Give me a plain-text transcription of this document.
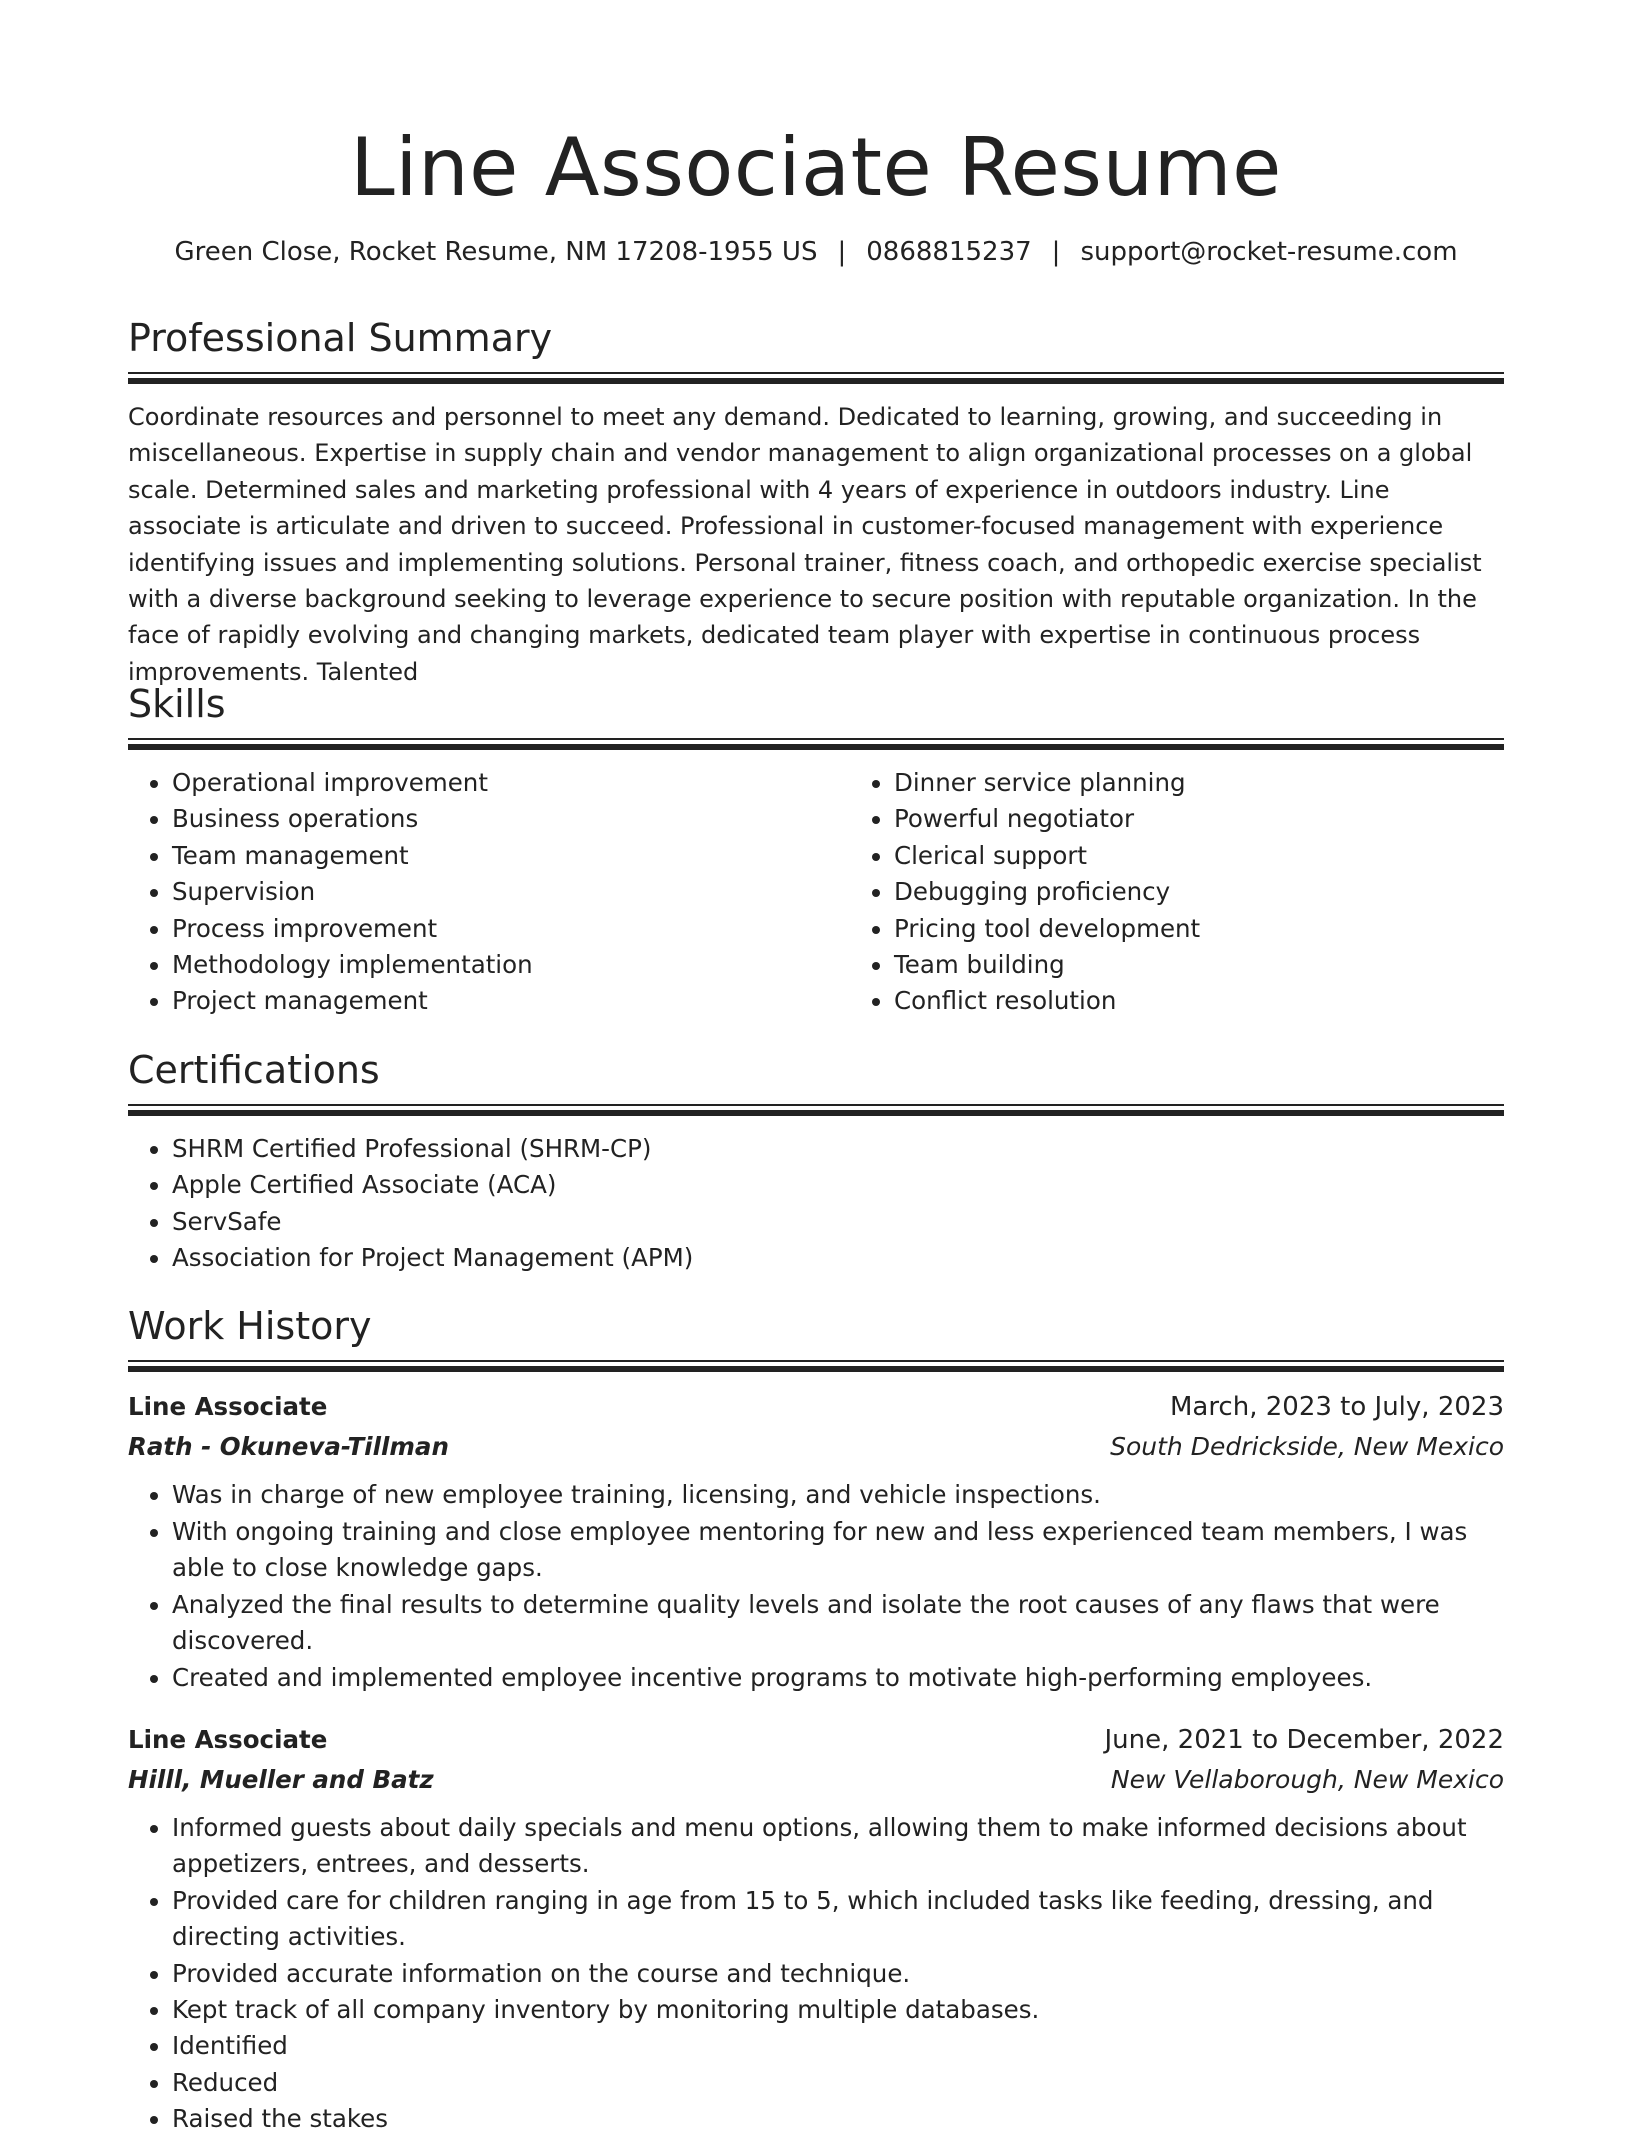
Line Associate Resume
Green Close, Rocket Resume, NM 17208-1955 US | 0868815237 | support@rocket-resume.com
Professional Summary

Coordinate resources and personnel to meet any demand. Dedicated to learning, growing, and succeeding in miscellaneous. Expertise in supply chain and vendor management to align organizational processes on a global scale. Determined sales and marketing professional with 4 years of experience in outdoors industry. Line associate is articulate and driven to succeed. Professional in customer-focused management with experience identifying issues and implementing solutions. Personal trainer, fitness coach, and orthopedic exercise specialist with a diverse background seeking to leverage experience to secure position with reputable organization. In the face of rapidly evolving and changing markets, dedicated team player with expertise in continuous process improvements. Talented

Skills
• Operational improvement
• Business operations
• Team management
• Supervision
• Process improvement
• Methodology implementation
• Project management
• Dinner service planning
• Powerful negotiator
• Clerical support
• Debugging proficiency
• Pricing tool development
• Team building
• Conflict resolution
Certifications
• SHRM Certified Professional (SHRM-CP)
• Apple Certified Associate (ACA)
• ServSafe
• Association for Project Management (APM)
Work History
Line Associate	March, 2023 to July, 2023
Rath - Okuneva-Tillman	South Dedrickside, New Mexico
• Was in charge of new employee training, licensing, and vehicle inspections.
• With ongoing training and close employee mentoring for new and less experienced team members, I was able to close knowledge gaps.
• Analyzed the final results to determine quality levels and isolate the root causes of any flaws that were discovered.
• Created and implemented employee incentive programs to motivate high-performing employees.
Line Associate	June, 2021 to December, 2022
Hilll, Mueller and Batz	New Vellaborough, New Mexico
• Informed guests about daily specials and menu options, allowing them to make informed decisions about appetizers, entrees, and desserts.
• Provided care for children ranging in age from 15 to 5, which included tasks like feeding, dressing, and directing activities.
• Provided accurate information on the course and technique.
• Kept track of all company inventory by monitoring multiple databases.
• Identified
• Reduced
• Raised the stakes
